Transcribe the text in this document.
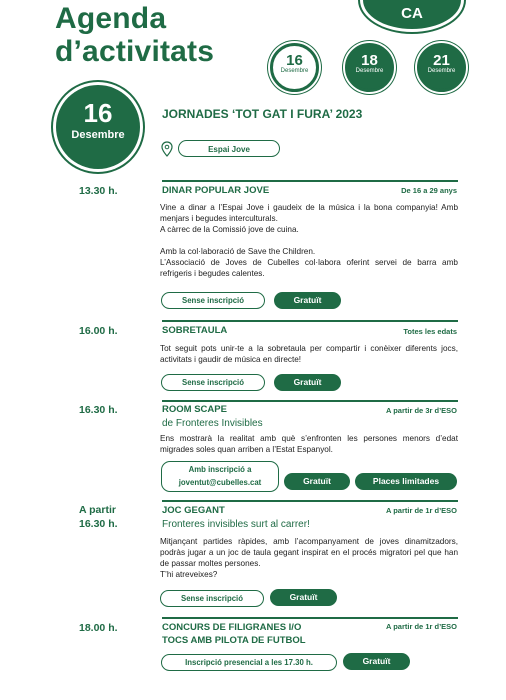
CA
Agenda
d’activitats	16
Desembre
18
Desembre
21
Desembre
16
Desembre
JORNADES ‘TOT GAT I FURA’ 2023
Espai Jove
13.30 h.	DINAR POPULAR JOVE	De 16 a 29 anys

Vine a dinar a l’Espai Jove i gaudeix de la música i la bona companyia! Amb menjars i begudes interculturals.

A càrrec de la Comissió jove de cuina.

Amb la col·laboració de Save the Children.

L’Associació de Joves de Cubelles col·labora oferint servei de barra amb refrigeris i begudes calentes.

Sense inscripció	Gratuït
16.00 h.	SOBRETAULA	Totes les edats

Tot seguit pots unir-te a la sobretaula per compartir i conèixer diferents jocs, activitats i gaudir de música en directe!

Sense inscripció	Gratuït
16.30 h.	ROOM SCAPE	A partir de 3r d’ESO
de Fronteres Invisibles

Ens mostrarà la realitat amb què s’enfronten les persones menors d’edat migrades soles quan arriben a l’Estat Espanyol.

Amb inscripció a
joventut@cubelles.cat	Gratuït	Places limitades
A partir
16.30 h.
JOC GEGANT	A partir de 1r d’ESO
Fronteres invisibles surt al carrer!

Mitjançant partides ràpides, amb l’acompanyament de joves dinamitzadors, podràs jugar a un joc de taula gegant inspirat en el procés migratori pel que han de passar moltes persones.

T’hi atreveixes?

Sense inscripció	Gratuït
18.00 h.	CONCURS DE FILIGRANES I/O
TOCS AMB PILOTA DE FUTBOL
A partir de 1r d’ESO
Inscripció presencial a les 17.30 h.	Gratuït
